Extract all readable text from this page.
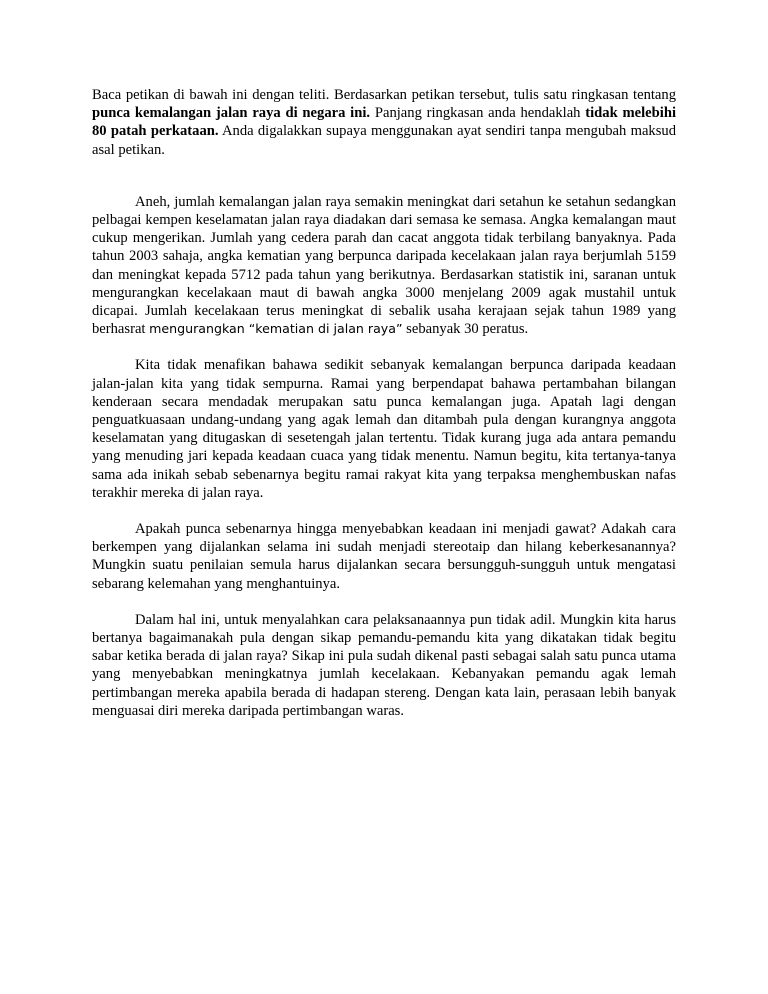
Baca petikan di bawah ini dengan teliti. Berdasarkan petikan tersebut, tulis satu ringkasan tentang punca kemalangan jalan raya di negara ini. Panjang ringkasan anda hendaklah tidak melebihi 80 patah perkataan. Anda digalakkan supaya menggunakan ayat sendiri tanpa mengubah maksud asal petikan.

Aneh, jumlah kemalangan jalan raya semakin meningkat dari setahun ke setahun sedangkan pelbagai kempen keselamatan jalan raya diadakan dari semasa ke semasa. Angka kemalangan maut cukup mengerikan. Jumlah yang cedera parah dan cacat anggota tidak terbilang banyaknya. Pada tahun 2003 sahaja, angka kematian yang berpunca daripada kecelakaan jalan raya berjumlah 5159 dan meningkat kepada 5712 pada tahun yang berikutnya. Berdasarkan statistik ini, saranan untuk mengurangkan kecelakaan maut di bawah angka 3000 menjelang 2009 agak mustahil untuk dicapai. Jumlah kecelakaan terus meningkat di sebalik usaha kerajaan sejak tahun 1989 yang berhasrat mengurangkan “kematian di jalan raya” sebanyak 30 peratus.

Kita tidak menafikan bahawa sedikit sebanyak kemalangan berpunca daripada keadaan jalan-jalan kita yang tidak sempurna. Ramai yang berpendapat bahawa pertambahan bilangan kenderaan secara mendadak merupakan satu punca kemalangan juga. Apatah lagi dengan penguatkuasaan undang-undang yang agak lemah dan ditambah pula dengan kurangnya anggota keselamatan yang ditugaskan di sesetengah jalan tertentu. Tidak kurang juga ada antara pemandu yang menuding jari kepada keadaan cuaca yang tidak menentu. Namun begitu, kita tertanya-tanya sama ada inikah sebab sebenarnya begitu ramai rakyat kita yang terpaksa menghembuskan nafas terakhir mereka di jalan raya.

Apakah punca sebenarnya hingga menyebabkan keadaan ini menjadi gawat? Adakah cara berkempen yang dijalankan selama ini sudah menjadi stereotaip dan hilang keberkesanannya? Mungkin suatu penilaian semula harus dijalankan secara bersungguh-sungguh untuk mengatasi sebarang kelemahan yang menghantuinya.

Dalam hal ini, untuk menyalahkan cara pelaksanaannya pun tidak adil. Mungkin kita harus bertanya bagaimanakah pula dengan sikap pemandu-pemandu kita yang dikatakan tidak begitu sabar ketika berada di jalan raya? Sikap ini pula sudah dikenal pasti sebagai salah satu punca utama yang menyebabkan meningkatnya jumlah kecelakaan. Kebanyakan pemandu agak lemah pertimbangan mereka apabila berada di hadapan stereng. Dengan kata lain, perasaan lebih banyak menguasai diri mereka daripada pertimbangan waras.
